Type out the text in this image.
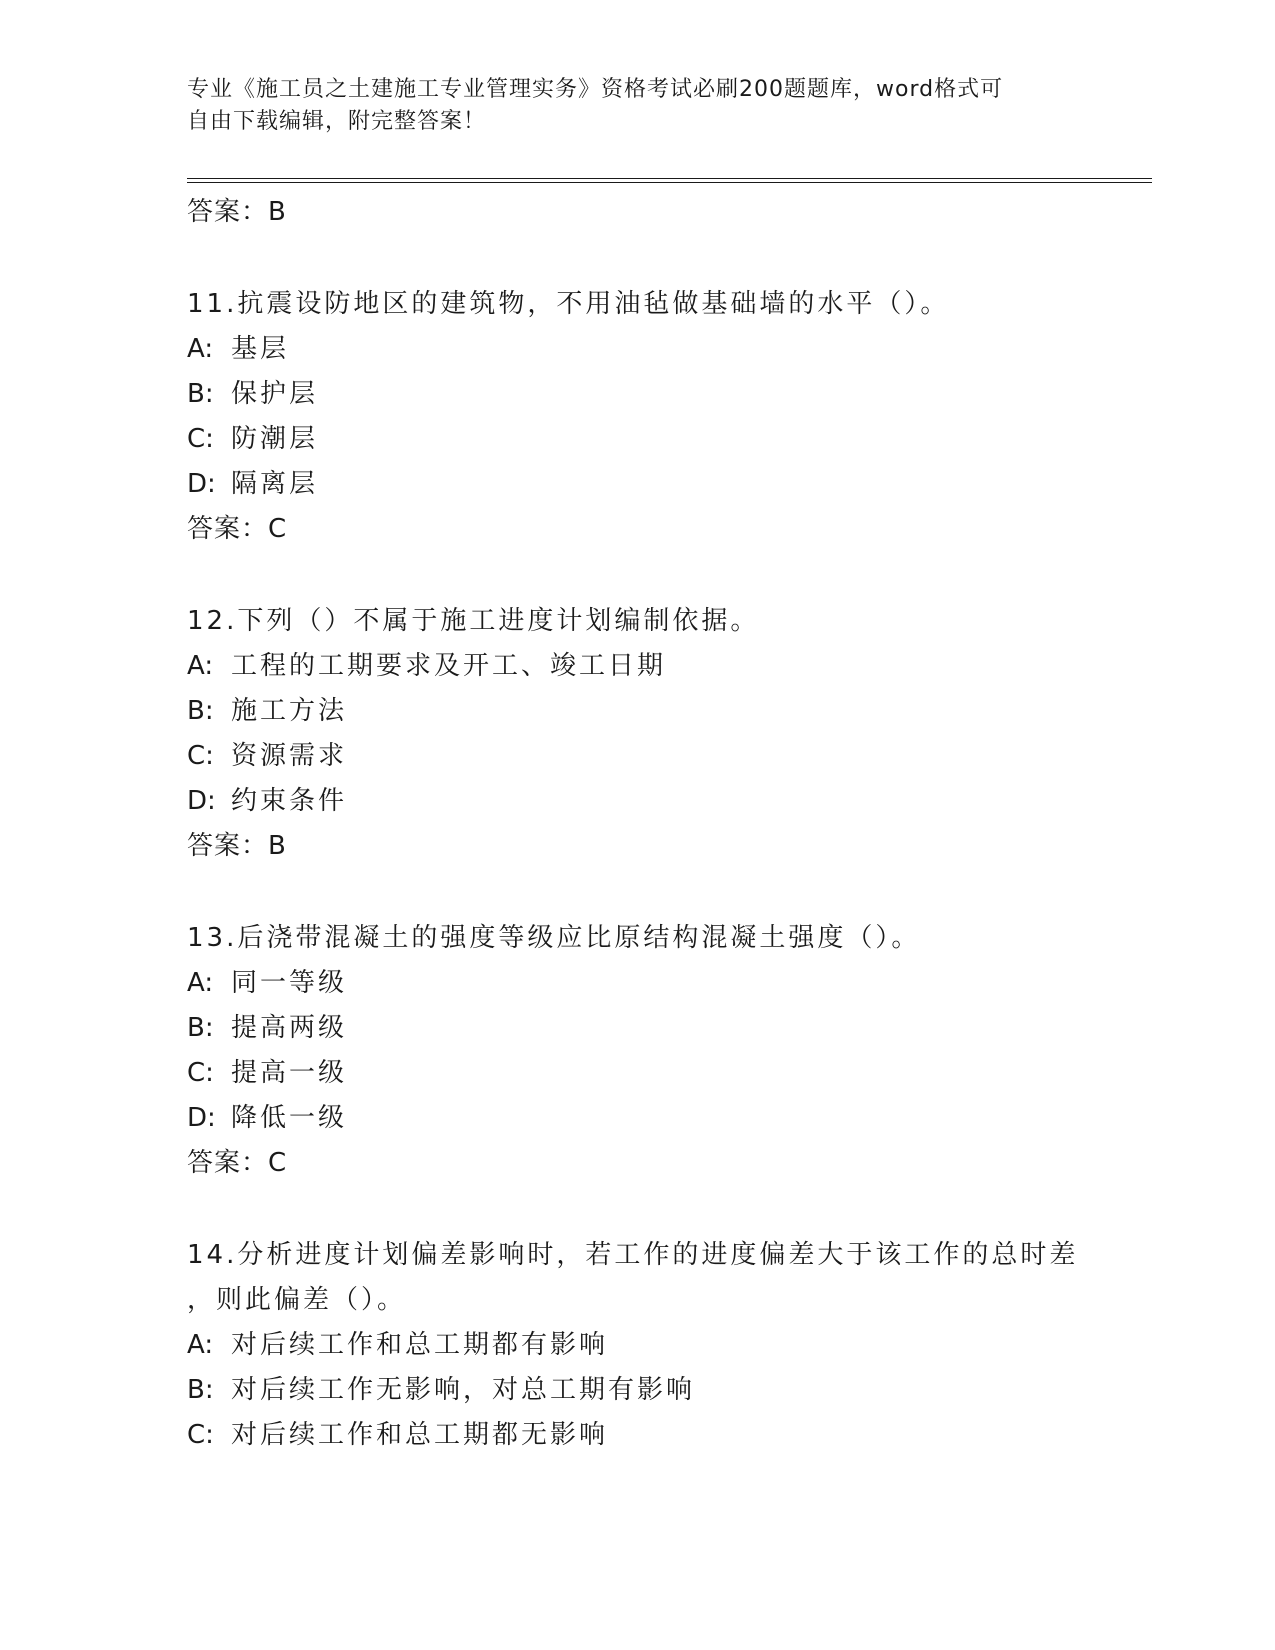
专业《施工员之土建施工专业管理实务》资格考试必刷200题题库，word格式可
自由下载编辑，附完整答案！
答案：B
11.抗震设防地区的建筑物，不用油毡做基础墙的水平（）。
A: 基层
B: 保护层
C: 防潮层
D: 隔离层
答案：C
12.下列（）不属于施工进度计划编制依据。
A: 工程的工期要求及开工、竣工日期
B: 施工方法
C: 资源需求
D: 约束条件
答案：B
13.后浇带混凝土的强度等级应比原结构混凝土强度（）。
A: 同一等级
B: 提高两级
C: 提高一级
D: 降低一级
答案：C
14.分析进度计划偏差影响时，若工作的进度偏差大于该工作的总时差
，则此偏差（）。
A: 对后续工作和总工期都有影响
B: 对后续工作无影响，对总工期有影响
C: 对后续工作和总工期都无影响
